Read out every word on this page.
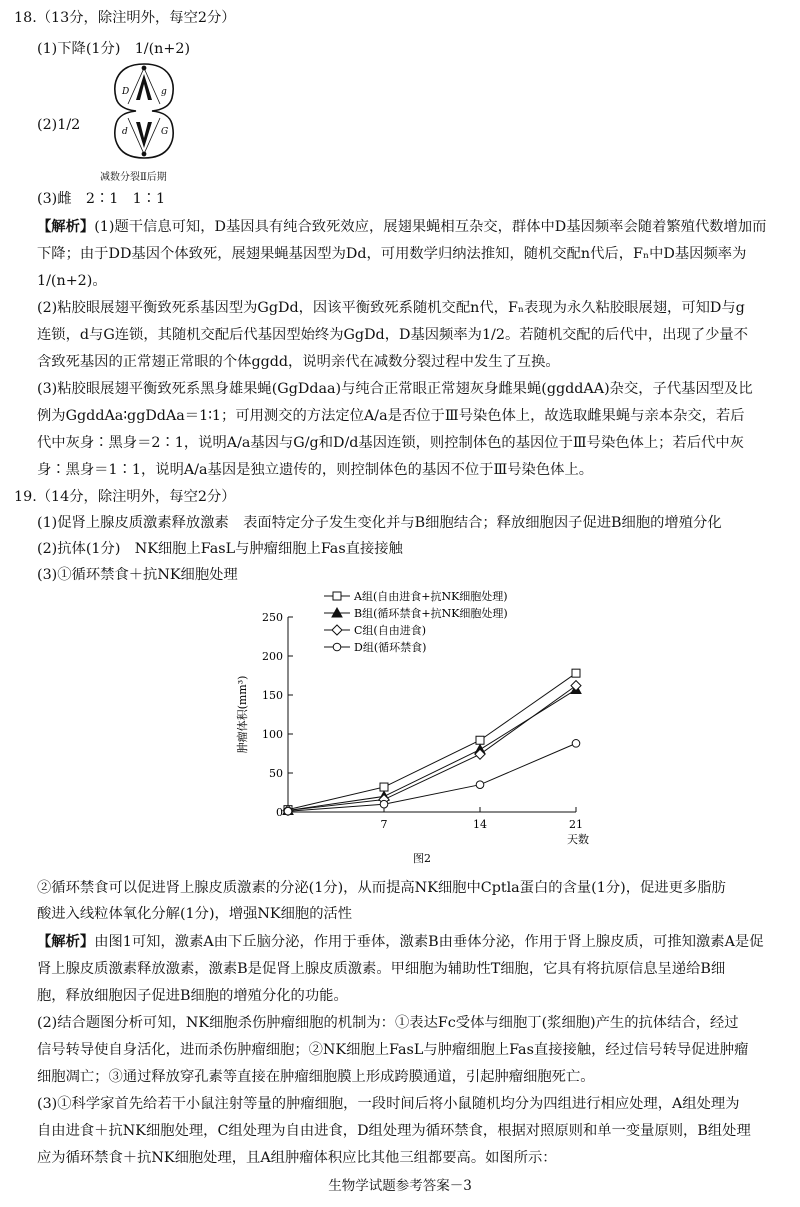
18.（13分，除注明外，每空2分）
(1)下降(1分)　1/(n+2)
D	g
d	G
(2)1/2
减数分裂Ⅱ后期
(3)雌　2∶1　1∶1
【解析】(1)题干信息可知，D基因具有纯合致死效应，展翅果蝇相互杂交，群体中D基因频率会随着繁殖代数增加而
下降；由于DD基因个体致死，展翅果蝇基因型为Dd，可用数学归纳法推知，随机交配n代后，Fₙ中D基因频率为
1/(n+2)。
(2)粘胶眼展翅平衡致死系基因型为GgDd，因该平衡致死系随机交配n代，Fₙ表现为永久粘胶眼展翅，可知D与g
连锁，d与G连锁，其随机交配后代基因型始终为GgDd，D基因频率为1/2。若随机交配的后代中，出现了少量不
含致死基因的正常翅正常眼的个体ggdd，说明亲代在减数分裂过程中发生了互换。
(3)粘胶眼展翅平衡致死系黑身雄果蝇(GgDdaa)与纯合正常眼正常翅灰身雌果蝇(ggddAA)杂交，子代基因型及比
例为GgddAa∶ggDdAa＝1∶1；可用测交的方法定位A/a是否位于Ⅲ号染色体上，故选取雌果蝇与亲本杂交，若后
代中灰身∶黑身＝2∶1，说明A/a基因与G/g和D/d基因连锁，则控制体色的基因位于Ⅲ号染色体上；若后代中灰
身∶黑身＝1∶1，说明A/a基因是独立遗传的，则控制体色的基因不位于Ⅲ号染色体上。
19.（14分，除注明外，每空2分）
(1)促肾上腺皮质激素释放激素　表面特定分子发生变化并与B细胞结合；释放细胞因子促进B细胞的增殖分化
(2)抗体(1分)　NK细胞上FasL与肿瘤细胞上Fas直接接触
(3)①循环禁食＋抗NK细胞处理
0
50
100
150
200
250
7	14	21
天数
肿瘤体积(mm³)
图2
A组(自由进食+抗NK细胞处理)
B组(循环禁食+抗NK细胞处理)
C组(自由进食)
D组(循环禁食)
②循环禁食可以促进肾上腺皮质激素的分泌(1分)，从而提高NK细胞中Cptla蛋白的含量(1分)，促进更多脂肪
酸进入线粒体氧化分解(1分)，增强NK细胞的活性
【解析】由图1可知，激素A由下丘脑分泌，作用于垂体，激素B由垂体分泌，作用于肾上腺皮质，可推知激素A是促
肾上腺皮质激素释放激素，激素B是促肾上腺皮质激素。甲细胞为辅助性T细胞，它具有将抗原信息呈递给B细
胞，释放细胞因子促进B细胞的增殖分化的功能。
(2)结合题图分析可知，NK细胞杀伤肿瘤细胞的机制为：①表达Fc受体与细胞丁(浆细胞)产生的抗体结合，经过
信号转导使自身活化，进而杀伤肿瘤细胞；②NK细胞上FasL与肿瘤细胞上Fas直接接触，经过信号转导促进肿瘤
细胞凋亡；③通过释放穿孔素等直接在肿瘤细胞膜上形成跨膜通道，引起肿瘤细胞死亡。
(3)①科学家首先给若干小鼠注射等量的肿瘤细胞，一段时间后将小鼠随机均分为四组进行相应处理，A组处理为
自由进食＋抗NK细胞处理，C组处理为自由进食，D组处理为循环禁食，根据对照原则和单一变量原则，B组处理
应为循环禁食＋抗NK细胞处理，且A组肿瘤体积应比其他三组都要高。如图所示：
生物学试题参考答案－3
